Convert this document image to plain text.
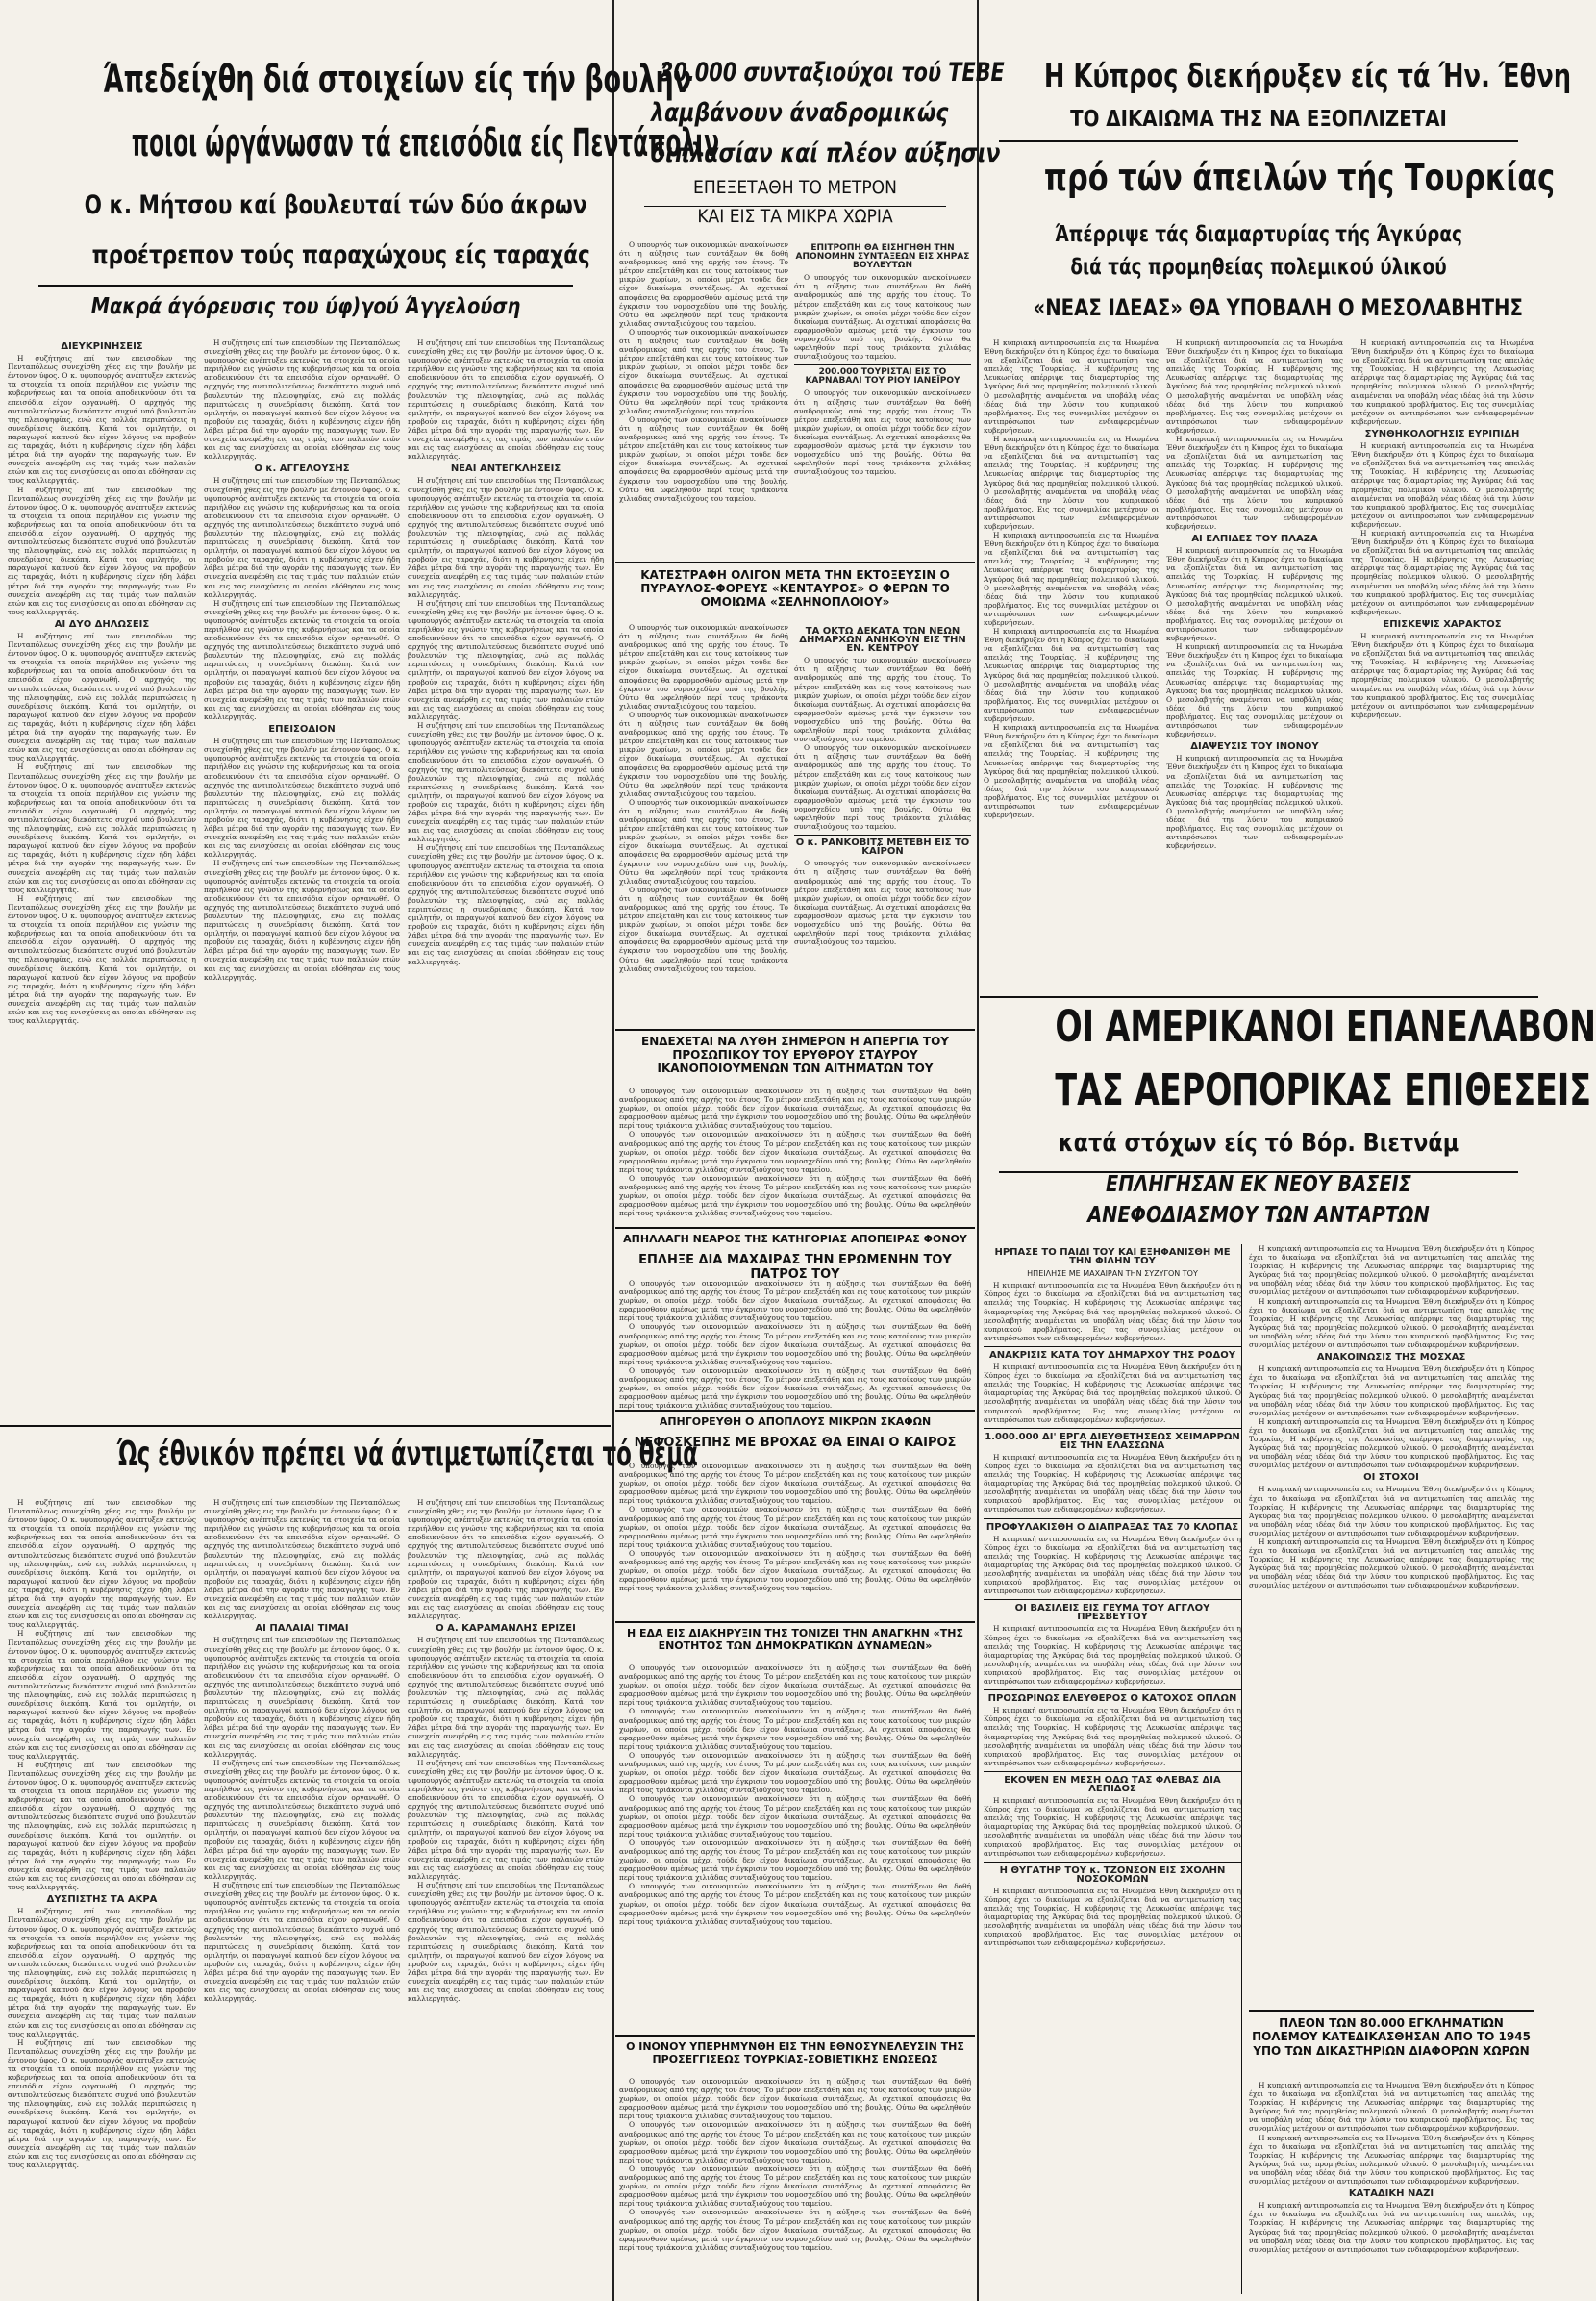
Άπεδείχθη διά στοιχείων είς τήν βουλήν
ποιοι ώργάνωσαν τά επεισόδια είς Πεντάπολιν
Ο κ. Μήτσου καί βουλευταί τών δύο άκρων
προέτρεπον τούς παραχώχους είς ταραχάς
Μακρά άγόρευσις του ύφ)γού Άγγελούση
ΔΙΕΥΚΡΙΝΗΣΕΙΣ

Η συζήτησις επί των επεισοδίων της Πενταπόλεως συνεχίσθη χθες εις την βουλήν με έντονον ύφος. Ο κ. υφυπουργός ανέπτυξεν εκτενώς τα στοιχεία τα οποία περιήλθον εις γνώσιν της κυβερνήσεως και τα οποία αποδεικνύουν ότι τα επεισόδια είχον οργανωθή. Ο αρχηγός της αντιπολιτεύσεως διεκόπτετο συχνά υπό βουλευτών της πλειοψηφίας, ενώ εις πολλάς περιπτώσεις η συνεδρίασις διεκόπη. Κατά τον ομιλητήν, οι παραγωγοί καπνού δεν είχον λόγους να προβούν εις ταραχάς, διότι η κυβέρνησις είχεν ήδη λάβει μέτρα διά την αγοράν της παραγωγής των. Εν συνεχεία ανεφέρθη εις τας τιμάς των παλαιών ετών και εις τας ενισχύσεις αι οποίαι εδόθησαν εις τους καλλιεργητάς.

Η συζήτησις επί των επεισοδίων της Πενταπόλεως συνεχίσθη χθες εις την βουλήν με έντονον ύφος. Ο κ. υφυπουργός ανέπτυξεν εκτενώς τα στοιχεία τα οποία περιήλθον εις γνώσιν της κυβερνήσεως και τα οποία αποδεικνύουν ότι τα επεισόδια είχον οργανωθή. Ο αρχηγός της αντιπολιτεύσεως διεκόπτετο συχνά υπό βουλευτών της πλειοψηφίας, ενώ εις πολλάς περιπτώσεις η συνεδρίασις διεκόπη. Κατά τον ομιλητήν, οι παραγωγοί καπνού δεν είχον λόγους να προβούν εις ταραχάς, διότι η κυβέρνησις είχεν ήδη λάβει μέτρα διά την αγοράν της παραγωγής των. Εν συνεχεία ανεφέρθη εις τας τιμάς των παλαιών ετών και εις τας ενισχύσεις αι οποίαι εδόθησαν εις τους καλλιεργητάς.

ΑΙ ΔΥΟ ΔΗΛΩΣΕΙΣ

Η συζήτησις επί των επεισοδίων της Πενταπόλεως συνεχίσθη χθες εις την βουλήν με έντονον ύφος. Ο κ. υφυπουργός ανέπτυξεν εκτενώς τα στοιχεία τα οποία περιήλθον εις γνώσιν της κυβερνήσεως και τα οποία αποδεικνύουν ότι τα επεισόδια είχον οργανωθή. Ο αρχηγός της αντιπολιτεύσεως διεκόπτετο συχνά υπό βουλευτών της πλειοψηφίας, ενώ εις πολλάς περιπτώσεις η συνεδρίασις διεκόπη. Κατά τον ομιλητήν, οι παραγωγοί καπνού δεν είχον λόγους να προβούν εις ταραχάς, διότι η κυβέρνησις είχεν ήδη λάβει μέτρα διά την αγοράν της παραγωγής των. Εν συνεχεία ανεφέρθη εις τας τιμάς των παλαιών ετών και εις τας ενισχύσεις αι οποίαι εδόθησαν εις τους καλλιεργητάς.

Η συζήτησις επί των επεισοδίων της Πενταπόλεως συνεχίσθη χθες εις την βουλήν με έντονον ύφος. Ο κ. υφυπουργός ανέπτυξεν εκτενώς τα στοιχεία τα οποία περιήλθον εις γνώσιν της κυβερνήσεως και τα οποία αποδεικνύουν ότι τα επεισόδια είχον οργανωθή. Ο αρχηγός της αντιπολιτεύσεως διεκόπτετο συχνά υπό βουλευτών της πλειοψηφίας, ενώ εις πολλάς περιπτώσεις η συνεδρίασις διεκόπη. Κατά τον ομιλητήν, οι παραγωγοί καπνού δεν είχον λόγους να προβούν εις ταραχάς, διότι η κυβέρνησις είχεν ήδη λάβει μέτρα διά την αγοράν της παραγωγής των. Εν συνεχεία ανεφέρθη εις τας τιμάς των παλαιών ετών και εις τας ενισχύσεις αι οποίαι εδόθησαν εις τους καλλιεργητάς.

Η συζήτησις επί των επεισοδίων της Πενταπόλεως συνεχίσθη χθες εις την βουλήν με έντονον ύφος. Ο κ. υφυπουργός ανέπτυξεν εκτενώς τα στοιχεία τα οποία περιήλθον εις γνώσιν της κυβερνήσεως και τα οποία αποδεικνύουν ότι τα επεισόδια είχον οργανωθή. Ο αρχηγός της αντιπολιτεύσεως διεκόπτετο συχνά υπό βουλευτών της πλειοψηφίας, ενώ εις πολλάς περιπτώσεις η συνεδρίασις διεκόπη. Κατά τον ομιλητήν, οι παραγωγοί καπνού δεν είχον λόγους να προβούν εις ταραχάς, διότι η κυβέρνησις είχεν ήδη λάβει μέτρα διά την αγοράν της παραγωγής των. Εν συνεχεία ανεφέρθη εις τας τιμάς των παλαιών ετών και εις τας ενισχύσεις αι οποίαι εδόθησαν εις τους καλλιεργητάς.

Η συζήτησις επί των επεισοδίων της Πενταπόλεως συνεχίσθη χθες εις την βουλήν με έντονον ύφος. Ο κ. υφυπουργός ανέπτυξεν εκτενώς τα στοιχεία τα οποία περιήλθον εις γνώσιν της κυβερνήσεως και τα οποία αποδεικνύουν ότι τα επεισόδια είχον οργανωθή. Ο αρχηγός της αντιπολιτεύσεως διεκόπτετο συχνά υπό βουλευτών της πλειοψηφίας, ενώ εις πολλάς περιπτώσεις η συνεδρίασις διεκόπη. Κατά τον ομιλητήν, οι παραγωγοί καπνού δεν είχον λόγους να προβούν εις ταραχάς, διότι η κυβέρνησις είχεν ήδη λάβει μέτρα διά την αγοράν της παραγωγής των. Εν συνεχεία ανεφέρθη εις τας τιμάς των παλαιών ετών και εις τας ενισχύσεις αι οποίαι εδόθησαν εις τους καλλιεργητάς.

Ο κ. ΑΓΓΕΛΟΥΣΗΣ

Η συζήτησις επί των επεισοδίων της Πενταπόλεως συνεχίσθη χθες εις την βουλήν με έντονον ύφος. Ο κ. υφυπουργός ανέπτυξεν εκτενώς τα στοιχεία τα οποία περιήλθον εις γνώσιν της κυβερνήσεως και τα οποία αποδεικνύουν ότι τα επεισόδια είχον οργανωθή. Ο αρχηγός της αντιπολιτεύσεως διεκόπτετο συχνά υπό βουλευτών της πλειοψηφίας, ενώ εις πολλάς περιπτώσεις η συνεδρίασις διεκόπη. Κατά τον ομιλητήν, οι παραγωγοί καπνού δεν είχον λόγους να προβούν εις ταραχάς, διότι η κυβέρνησις είχεν ήδη λάβει μέτρα διά την αγοράν της παραγωγής των. Εν συνεχεία ανεφέρθη εις τας τιμάς των παλαιών ετών και εις τας ενισχύσεις αι οποίαι εδόθησαν εις τους καλλιεργητάς.

Η συζήτησις επί των επεισοδίων της Πενταπόλεως συνεχίσθη χθες εις την βουλήν με έντονον ύφος. Ο κ. υφυπουργός ανέπτυξεν εκτενώς τα στοιχεία τα οποία περιήλθον εις γνώσιν της κυβερνήσεως και τα οποία αποδεικνύουν ότι τα επεισόδια είχον οργανωθή. Ο αρχηγός της αντιπολιτεύσεως διεκόπτετο συχνά υπό βουλευτών της πλειοψηφίας, ενώ εις πολλάς περιπτώσεις η συνεδρίασις διεκόπη. Κατά τον ομιλητήν, οι παραγωγοί καπνού δεν είχον λόγους να προβούν εις ταραχάς, διότι η κυβέρνησις είχεν ήδη λάβει μέτρα διά την αγοράν της παραγωγής των. Εν συνεχεία ανεφέρθη εις τας τιμάς των παλαιών ετών και εις τας ενισχύσεις αι οποίαι εδόθησαν εις τους καλλιεργητάς.

ΕΠΕΙΣΟΔΙΟΝ

Η συζήτησις επί των επεισοδίων της Πενταπόλεως συνεχίσθη χθες εις την βουλήν με έντονον ύφος. Ο κ. υφυπουργός ανέπτυξεν εκτενώς τα στοιχεία τα οποία περιήλθον εις γνώσιν της κυβερνήσεως και τα οποία αποδεικνύουν ότι τα επεισόδια είχον οργανωθή. Ο αρχηγός της αντιπολιτεύσεως διεκόπτετο συχνά υπό βουλευτών της πλειοψηφίας, ενώ εις πολλάς περιπτώσεις η συνεδρίασις διεκόπη. Κατά τον ομιλητήν, οι παραγωγοί καπνού δεν είχον λόγους να προβούν εις ταραχάς, διότι η κυβέρνησις είχεν ήδη λάβει μέτρα διά την αγοράν της παραγωγής των. Εν συνεχεία ανεφέρθη εις τας τιμάς των παλαιών ετών και εις τας ενισχύσεις αι οποίαι εδόθησαν εις τους καλλιεργητάς.

Η συζήτησις επί των επεισοδίων της Πενταπόλεως συνεχίσθη χθες εις την βουλήν με έντονον ύφος. Ο κ. υφυπουργός ανέπτυξεν εκτενώς τα στοιχεία τα οποία περιήλθον εις γνώσιν της κυβερνήσεως και τα οποία αποδεικνύουν ότι τα επεισόδια είχον οργανωθή. Ο αρχηγός της αντιπολιτεύσεως διεκόπτετο συχνά υπό βουλευτών της πλειοψηφίας, ενώ εις πολλάς περιπτώσεις η συνεδρίασις διεκόπη. Κατά τον ομιλητήν, οι παραγωγοί καπνού δεν είχον λόγους να προβούν εις ταραχάς, διότι η κυβέρνησις είχεν ήδη λάβει μέτρα διά την αγοράν της παραγωγής των. Εν συνεχεία ανεφέρθη εις τας τιμάς των παλαιών ετών και εις τας ενισχύσεις αι οποίαι εδόθησαν εις τους καλλιεργητάς.

Η συζήτησις επί των επεισοδίων της Πενταπόλεως συνεχίσθη χθες εις την βουλήν με έντονον ύφος. Ο κ. υφυπουργός ανέπτυξεν εκτενώς τα στοιχεία τα οποία περιήλθον εις γνώσιν της κυβερνήσεως και τα οποία αποδεικνύουν ότι τα επεισόδια είχον οργανωθή. Ο αρχηγός της αντιπολιτεύσεως διεκόπτετο συχνά υπό βουλευτών της πλειοψηφίας, ενώ εις πολλάς περιπτώσεις η συνεδρίασις διεκόπη. Κατά τον ομιλητήν, οι παραγωγοί καπνού δεν είχον λόγους να προβούν εις ταραχάς, διότι η κυβέρνησις είχεν ήδη λάβει μέτρα διά την αγοράν της παραγωγής των. Εν συνεχεία ανεφέρθη εις τας τιμάς των παλαιών ετών και εις τας ενισχύσεις αι οποίαι εδόθησαν εις τους καλλιεργητάς.

ΝΕΑΙ ΑΝΤΕΓΚΛΗΣΕΙΣ

Η συζήτησις επί των επεισοδίων της Πενταπόλεως συνεχίσθη χθες εις την βουλήν με έντονον ύφος. Ο κ. υφυπουργός ανέπτυξεν εκτενώς τα στοιχεία τα οποία περιήλθον εις γνώσιν της κυβερνήσεως και τα οποία αποδεικνύουν ότι τα επεισόδια είχον οργανωθή. Ο αρχηγός της αντιπολιτεύσεως διεκόπτετο συχνά υπό βουλευτών της πλειοψηφίας, ενώ εις πολλάς περιπτώσεις η συνεδρίασις διεκόπη. Κατά τον ομιλητήν, οι παραγωγοί καπνού δεν είχον λόγους να προβούν εις ταραχάς, διότι η κυβέρνησις είχεν ήδη λάβει μέτρα διά την αγοράν της παραγωγής των. Εν συνεχεία ανεφέρθη εις τας τιμάς των παλαιών ετών και εις τας ενισχύσεις αι οποίαι εδόθησαν εις τους καλλιεργητάς.

Η συζήτησις επί των επεισοδίων της Πενταπόλεως συνεχίσθη χθες εις την βουλήν με έντονον ύφος. Ο κ. υφυπουργός ανέπτυξεν εκτενώς τα στοιχεία τα οποία περιήλθον εις γνώσιν της κυβερνήσεως και τα οποία αποδεικνύουν ότι τα επεισόδια είχον οργανωθή. Ο αρχηγός της αντιπολιτεύσεως διεκόπτετο συχνά υπό βουλευτών της πλειοψηφίας, ενώ εις πολλάς περιπτώσεις η συνεδρίασις διεκόπη. Κατά τον ομιλητήν, οι παραγωγοί καπνού δεν είχον λόγους να προβούν εις ταραχάς, διότι η κυβέρνησις είχεν ήδη λάβει μέτρα διά την αγοράν της παραγωγής των. Εν συνεχεία ανεφέρθη εις τας τιμάς των παλαιών ετών και εις τας ενισχύσεις αι οποίαι εδόθησαν εις τους καλλιεργητάς.

Η συζήτησις επί των επεισοδίων της Πενταπόλεως συνεχίσθη χθες εις την βουλήν με έντονον ύφος. Ο κ. υφυπουργός ανέπτυξεν εκτενώς τα στοιχεία τα οποία περιήλθον εις γνώσιν της κυβερνήσεως και τα οποία αποδεικνύουν ότι τα επεισόδια είχον οργανωθή. Ο αρχηγός της αντιπολιτεύσεως διεκόπτετο συχνά υπό βουλευτών της πλειοψηφίας, ενώ εις πολλάς περιπτώσεις η συνεδρίασις διεκόπη. Κατά τον ομιλητήν, οι παραγωγοί καπνού δεν είχον λόγους να προβούν εις ταραχάς, διότι η κυβέρνησις είχεν ήδη λάβει μέτρα διά την αγοράν της παραγωγής των. Εν συνεχεία ανεφέρθη εις τας τιμάς των παλαιών ετών και εις τας ενισχύσεις αι οποίαι εδόθησαν εις τους καλλιεργητάς.

Η συζήτησις επί των επεισοδίων της Πενταπόλεως συνεχίσθη χθες εις την βουλήν με έντονον ύφος. Ο κ. υφυπουργός ανέπτυξεν εκτενώς τα στοιχεία τα οποία περιήλθον εις γνώσιν της κυβερνήσεως και τα οποία αποδεικνύουν ότι τα επεισόδια είχον οργανωθή. Ο αρχηγός της αντιπολιτεύσεως διεκόπτετο συχνά υπό βουλευτών της πλειοψηφίας, ενώ εις πολλάς περιπτώσεις η συνεδρίασις διεκόπη. Κατά τον ομιλητήν, οι παραγωγοί καπνού δεν είχον λόγους να προβούν εις ταραχάς, διότι η κυβέρνησις είχεν ήδη λάβει μέτρα διά την αγοράν της παραγωγής των. Εν συνεχεία ανεφέρθη εις τας τιμάς των παλαιών ετών και εις τας ενισχύσεις αι οποίαι εδόθησαν εις τους καλλιεργητάς.

Ώς έθνικόν πρέπει νά άντιμετωπίζεται τό θέμα

Η συζήτησις επί των επεισοδίων της Πενταπόλεως συνεχίσθη χθες εις την βουλήν με έντονον ύφος. Ο κ. υφυπουργός ανέπτυξεν εκτενώς τα στοιχεία τα οποία περιήλθον εις γνώσιν της κυβερνήσεως και τα οποία αποδεικνύουν ότι τα επεισόδια είχον οργανωθή. Ο αρχηγός της αντιπολιτεύσεως διεκόπτετο συχνά υπό βουλευτών της πλειοψηφίας, ενώ εις πολλάς περιπτώσεις η συνεδρίασις διεκόπη. Κατά τον ομιλητήν, οι παραγωγοί καπνού δεν είχον λόγους να προβούν εις ταραχάς, διότι η κυβέρνησις είχεν ήδη λάβει μέτρα διά την αγοράν της παραγωγής των. Εν συνεχεία ανεφέρθη εις τας τιμάς των παλαιών ετών και εις τας ενισχύσεις αι οποίαι εδόθησαν εις τους καλλιεργητάς.

Η συζήτησις επί των επεισοδίων της Πενταπόλεως συνεχίσθη χθες εις την βουλήν με έντονον ύφος. Ο κ. υφυπουργός ανέπτυξεν εκτενώς τα στοιχεία τα οποία περιήλθον εις γνώσιν της κυβερνήσεως και τα οποία αποδεικνύουν ότι τα επεισόδια είχον οργανωθή. Ο αρχηγός της αντιπολιτεύσεως διεκόπτετο συχνά υπό βουλευτών της πλειοψηφίας, ενώ εις πολλάς περιπτώσεις η συνεδρίασις διεκόπη. Κατά τον ομιλητήν, οι παραγωγοί καπνού δεν είχον λόγους να προβούν εις ταραχάς, διότι η κυβέρνησις είχεν ήδη λάβει μέτρα διά την αγοράν της παραγωγής των. Εν συνεχεία ανεφέρθη εις τας τιμάς των παλαιών ετών και εις τας ενισχύσεις αι οποίαι εδόθησαν εις τους καλλιεργητάς.

Η συζήτησις επί των επεισοδίων της Πενταπόλεως συνεχίσθη χθες εις την βουλήν με έντονον ύφος. Ο κ. υφυπουργός ανέπτυξεν εκτενώς τα στοιχεία τα οποία περιήλθον εις γνώσιν της κυβερνήσεως και τα οποία αποδεικνύουν ότι τα επεισόδια είχον οργανωθή. Ο αρχηγός της αντιπολιτεύσεως διεκόπτετο συχνά υπό βουλευτών της πλειοψηφίας, ενώ εις πολλάς περιπτώσεις η συνεδρίασις διεκόπη. Κατά τον ομιλητήν, οι παραγωγοί καπνού δεν είχον λόγους να προβούν εις ταραχάς, διότι η κυβέρνησις είχεν ήδη λάβει μέτρα διά την αγοράν της παραγωγής των. Εν συνεχεία ανεφέρθη εις τας τιμάς των παλαιών ετών και εις τας ενισχύσεις αι οποίαι εδόθησαν εις τους καλλιεργητάς.

ΔΥΣΠΙΣΤΗΣ ΤΑ ΑΚΡΑ

Η συζήτησις επί των επεισοδίων της Πενταπόλεως συνεχίσθη χθες εις την βουλήν με έντονον ύφος. Ο κ. υφυπουργός ανέπτυξεν εκτενώς τα στοιχεία τα οποία περιήλθον εις γνώσιν της κυβερνήσεως και τα οποία αποδεικνύουν ότι τα επεισόδια είχον οργανωθή. Ο αρχηγός της αντιπολιτεύσεως διεκόπτετο συχνά υπό βουλευτών της πλειοψηφίας, ενώ εις πολλάς περιπτώσεις η συνεδρίασις διεκόπη. Κατά τον ομιλητήν, οι παραγωγοί καπνού δεν είχον λόγους να προβούν εις ταραχάς, διότι η κυβέρνησις είχεν ήδη λάβει μέτρα διά την αγοράν της παραγωγής των. Εν συνεχεία ανεφέρθη εις τας τιμάς των παλαιών ετών και εις τας ενισχύσεις αι οποίαι εδόθησαν εις τους καλλιεργητάς.

Η συζήτησις επί των επεισοδίων της Πενταπόλεως συνεχίσθη χθες εις την βουλήν με έντονον ύφος. Ο κ. υφυπουργός ανέπτυξεν εκτενώς τα στοιχεία τα οποία περιήλθον εις γνώσιν της κυβερνήσεως και τα οποία αποδεικνύουν ότι τα επεισόδια είχον οργανωθή. Ο αρχηγός της αντιπολιτεύσεως διεκόπτετο συχνά υπό βουλευτών της πλειοψηφίας, ενώ εις πολλάς περιπτώσεις η συνεδρίασις διεκόπη. Κατά τον ομιλητήν, οι παραγωγοί καπνού δεν είχον λόγους να προβούν εις ταραχάς, διότι η κυβέρνησις είχεν ήδη λάβει μέτρα διά την αγοράν της παραγωγής των. Εν συνεχεία ανεφέρθη εις τας τιμάς των παλαιών ετών και εις τας ενισχύσεις αι οποίαι εδόθησαν εις τους καλλιεργητάς.

Η συζήτησις επί των επεισοδίων της Πενταπόλεως συνεχίσθη χθες εις την βουλήν με έντονον ύφος. Ο κ. υφυπουργός ανέπτυξεν εκτενώς τα στοιχεία τα οποία περιήλθον εις γνώσιν της κυβερνήσεως και τα οποία αποδεικνύουν ότι τα επεισόδια είχον οργανωθή. Ο αρχηγός της αντιπολιτεύσεως διεκόπτετο συχνά υπό βουλευτών της πλειοψηφίας, ενώ εις πολλάς περιπτώσεις η συνεδρίασις διεκόπη. Κατά τον ομιλητήν, οι παραγωγοί καπνού δεν είχον λόγους να προβούν εις ταραχάς, διότι η κυβέρνησις είχεν ήδη λάβει μέτρα διά την αγοράν της παραγωγής των. Εν συνεχεία ανεφέρθη εις τας τιμάς των παλαιών ετών και εις τας ενισχύσεις αι οποίαι εδόθησαν εις τους καλλιεργητάς.

ΑΙ ΠΑΛΑΙΑΙ ΤΙΜΑΙ

Η συζήτησις επί των επεισοδίων της Πενταπόλεως συνεχίσθη χθες εις την βουλήν με έντονον ύφος. Ο κ. υφυπουργός ανέπτυξεν εκτενώς τα στοιχεία τα οποία περιήλθον εις γνώσιν της κυβερνήσεως και τα οποία αποδεικνύουν ότι τα επεισόδια είχον οργανωθή. Ο αρχηγός της αντιπολιτεύσεως διεκόπτετο συχνά υπό βουλευτών της πλειοψηφίας, ενώ εις πολλάς περιπτώσεις η συνεδρίασις διεκόπη. Κατά τον ομιλητήν, οι παραγωγοί καπνού δεν είχον λόγους να προβούν εις ταραχάς, διότι η κυβέρνησις είχεν ήδη λάβει μέτρα διά την αγοράν της παραγωγής των. Εν συνεχεία ανεφέρθη εις τας τιμάς των παλαιών ετών και εις τας ενισχύσεις αι οποίαι εδόθησαν εις τους καλλιεργητάς.

Η συζήτησις επί των επεισοδίων της Πενταπόλεως συνεχίσθη χθες εις την βουλήν με έντονον ύφος. Ο κ. υφυπουργός ανέπτυξεν εκτενώς τα στοιχεία τα οποία περιήλθον εις γνώσιν της κυβερνήσεως και τα οποία αποδεικνύουν ότι τα επεισόδια είχον οργανωθή. Ο αρχηγός της αντιπολιτεύσεως διεκόπτετο συχνά υπό βουλευτών της πλειοψηφίας, ενώ εις πολλάς περιπτώσεις η συνεδρίασις διεκόπη. Κατά τον ομιλητήν, οι παραγωγοί καπνού δεν είχον λόγους να προβούν εις ταραχάς, διότι η κυβέρνησις είχεν ήδη λάβει μέτρα διά την αγοράν της παραγωγής των. Εν συνεχεία ανεφέρθη εις τας τιμάς των παλαιών ετών και εις τας ενισχύσεις αι οποίαι εδόθησαν εις τους καλλιεργητάς.

Η συζήτησις επί των επεισοδίων της Πενταπόλεως συνεχίσθη χθες εις την βουλήν με έντονον ύφος. Ο κ. υφυπουργός ανέπτυξεν εκτενώς τα στοιχεία τα οποία περιήλθον εις γνώσιν της κυβερνήσεως και τα οποία αποδεικνύουν ότι τα επεισόδια είχον οργανωθή. Ο αρχηγός της αντιπολιτεύσεως διεκόπτετο συχνά υπό βουλευτών της πλειοψηφίας, ενώ εις πολλάς περιπτώσεις η συνεδρίασις διεκόπη. Κατά τον ομιλητήν, οι παραγωγοί καπνού δεν είχον λόγους να προβούν εις ταραχάς, διότι η κυβέρνησις είχεν ήδη λάβει μέτρα διά την αγοράν της παραγωγής των. Εν συνεχεία ανεφέρθη εις τας τιμάς των παλαιών ετών και εις τας ενισχύσεις αι οποίαι εδόθησαν εις τους καλλιεργητάς.

Η συζήτησις επί των επεισοδίων της Πενταπόλεως συνεχίσθη χθες εις την βουλήν με έντονον ύφος. Ο κ. υφυπουργός ανέπτυξεν εκτενώς τα στοιχεία τα οποία περιήλθον εις γνώσιν της κυβερνήσεως και τα οποία αποδεικνύουν ότι τα επεισόδια είχον οργανωθή. Ο αρχηγός της αντιπολιτεύσεως διεκόπτετο συχνά υπό βουλευτών της πλειοψηφίας, ενώ εις πολλάς περιπτώσεις η συνεδρίασις διεκόπη. Κατά τον ομιλητήν, οι παραγωγοί καπνού δεν είχον λόγους να προβούν εις ταραχάς, διότι η κυβέρνησις είχεν ήδη λάβει μέτρα διά την αγοράν της παραγωγής των. Εν συνεχεία ανεφέρθη εις τας τιμάς των παλαιών ετών και εις τας ενισχύσεις αι οποίαι εδόθησαν εις τους καλλιεργητάς.

Ο Α. ΚΑΡΑΜΑΝΛΗΣ ΕΡΙΖΕΙ

Η συζήτησις επί των επεισοδίων της Πενταπόλεως συνεχίσθη χθες εις την βουλήν με έντονον ύφος. Ο κ. υφυπουργός ανέπτυξεν εκτενώς τα στοιχεία τα οποία περιήλθον εις γνώσιν της κυβερνήσεως και τα οποία αποδεικνύουν ότι τα επεισόδια είχον οργανωθή. Ο αρχηγός της αντιπολιτεύσεως διεκόπτετο συχνά υπό βουλευτών της πλειοψηφίας, ενώ εις πολλάς περιπτώσεις η συνεδρίασις διεκόπη. Κατά τον ομιλητήν, οι παραγωγοί καπνού δεν είχον λόγους να προβούν εις ταραχάς, διότι η κυβέρνησις είχεν ήδη λάβει μέτρα διά την αγοράν της παραγωγής των. Εν συνεχεία ανεφέρθη εις τας τιμάς των παλαιών ετών και εις τας ενισχύσεις αι οποίαι εδόθησαν εις τους καλλιεργητάς.

Η συζήτησις επί των επεισοδίων της Πενταπόλεως συνεχίσθη χθες εις την βουλήν με έντονον ύφος. Ο κ. υφυπουργός ανέπτυξεν εκτενώς τα στοιχεία τα οποία περιήλθον εις γνώσιν της κυβερνήσεως και τα οποία αποδεικνύουν ότι τα επεισόδια είχον οργανωθή. Ο αρχηγός της αντιπολιτεύσεως διεκόπτετο συχνά υπό βουλευτών της πλειοψηφίας, ενώ εις πολλάς περιπτώσεις η συνεδρίασις διεκόπη. Κατά τον ομιλητήν, οι παραγωγοί καπνού δεν είχον λόγους να προβούν εις ταραχάς, διότι η κυβέρνησις είχεν ήδη λάβει μέτρα διά την αγοράν της παραγωγής των. Εν συνεχεία ανεφέρθη εις τας τιμάς των παλαιών ετών και εις τας ενισχύσεις αι οποίαι εδόθησαν εις τους καλλιεργητάς.

Η συζήτησις επί των επεισοδίων της Πενταπόλεως συνεχίσθη χθες εις την βουλήν με έντονον ύφος. Ο κ. υφυπουργός ανέπτυξεν εκτενώς τα στοιχεία τα οποία περιήλθον εις γνώσιν της κυβερνήσεως και τα οποία αποδεικνύουν ότι τα επεισόδια είχον οργανωθή. Ο αρχηγός της αντιπολιτεύσεως διεκόπτετο συχνά υπό βουλευτών της πλειοψηφίας, ενώ εις πολλάς περιπτώσεις η συνεδρίασις διεκόπη. Κατά τον ομιλητήν, οι παραγωγοί καπνού δεν είχον λόγους να προβούν εις ταραχάς, διότι η κυβέρνησις είχεν ήδη λάβει μέτρα διά την αγοράν της παραγωγής των. Εν συνεχεία ανεφέρθη εις τας τιμάς των παλαιών ετών και εις τας ενισχύσεις αι οποίαι εδόθησαν εις τους καλλιεργητάς.

30.000 συνταξιούχοι τού ΤΕΒΕ
λαμβάνουν άναδρομικώς
διπλασίαν καί πλέον αύξησιν
ΕΠΕΞΕΤΑΘΗ ΤΟ ΜΕΤΡΟΝ
ΚΑΙ ΕΙΣ ΤΑ ΜΙΚΡΑ ΧΩΡΙΑ

Ο υπουργός των οικονομικών ανακοίνωσεν ότι η αύξησις των συντάξεων θα δοθή αναδρομικώς από της αρχής του έτους. Το μέτρον επεξετάθη και εις τους κατοίκους των μικρών χωρίων, οι οποίοι μέχρι τούδε δεν είχον δικαίωμα συντάξεως. Αι σχετικαί αποφάσεις θα εφαρμοσθούν αμέσως μετά την έγκρισιν του νομοσχεδίου υπό της βουλής. Ούτω θα ωφεληθούν περί τους τριάκοντα χιλιάδας συνταξιούχους του ταμείου.

Ο υπουργός των οικονομικών ανακοίνωσεν ότι η αύξησις των συντάξεων θα δοθή αναδρομικώς από της αρχής του έτους. Το μέτρον επεξετάθη και εις τους κατοίκους των μικρών χωρίων, οι οποίοι μέχρι τούδε δεν είχον δικαίωμα συντάξεως. Αι σχετικαί αποφάσεις θα εφαρμοσθούν αμέσως μετά την έγκρισιν του νομοσχεδίου υπό της βουλής. Ούτω θα ωφεληθούν περί τους τριάκοντα χιλιάδας συνταξιούχους του ταμείου.

Ο υπουργός των οικονομικών ανακοίνωσεν ότι η αύξησις των συντάξεων θα δοθή αναδρομικώς από της αρχής του έτους. Το μέτρον επεξετάθη και εις τους κατοίκους των μικρών χωρίων, οι οποίοι μέχρι τούδε δεν είχον δικαίωμα συντάξεως. Αι σχετικαί αποφάσεις θα εφαρμοσθούν αμέσως μετά την έγκρισιν του νομοσχεδίου υπό της βουλής. Ούτω θα ωφεληθούν περί τους τριάκοντα χιλιάδας συνταξιούχους του ταμείου.

ΕΠΙΤΡΟΠΗ ΘΑ ΕΙΣΗΓΗΘΗ ΤΗΝ ΑΠΟΝΟΜΗΝ ΣΥΝΤΑΞΕΩΝ ΕΙΣ ΧΗΡΑΣ ΒΟΥΛΕΥΤΩΝ

Ο υπουργός των οικονομικών ανακοίνωσεν ότι η αύξησις των συντάξεων θα δοθή αναδρομικώς από της αρχής του έτους. Το μέτρον επεξετάθη και εις τους κατοίκους των μικρών χωρίων, οι οποίοι μέχρι τούδε δεν είχον δικαίωμα συντάξεως. Αι σχετικαί αποφάσεις θα εφαρμοσθούν αμέσως μετά την έγκρισιν του νομοσχεδίου υπό της βουλής. Ούτω θα ωφεληθούν περί τους τριάκοντα χιλιάδας συνταξιούχους του ταμείου.

200.000 ΤΟΥΡΙΣΤΑΙ ΕΙΣ ΤΟ ΚΑΡΝΑΒΑΛΙ ΤΟΥ ΡΙΟΥ ΙΑΝΕΪΡΟΥ

Ο υπουργός των οικονομικών ανακοίνωσεν ότι η αύξησις των συντάξεων θα δοθή αναδρομικώς από της αρχής του έτους. Το μέτρον επεξετάθη και εις τους κατοίκους των μικρών χωρίων, οι οποίοι μέχρι τούδε δεν είχον δικαίωμα συντάξεως. Αι σχετικαί αποφάσεις θα εφαρμοσθούν αμέσως μετά την έγκρισιν του νομοσχεδίου υπό της βουλής. Ούτω θα ωφεληθούν περί τους τριάκοντα χιλιάδας συνταξιούχους του ταμείου.

ΚΑΤΕΣΤΡΑΦΗ ΟΛΙΓΟΝ ΜΕΤΑ ΤΗΝ ΕΚΤΟΞΕΥΣΙΝ Ο ΠΥΡΑΥΛΟΣ-ΦΟΡΕΥΣ «ΚΕΝΤΑΥΡΟΣ» Ο ΦΕΡΩΝ ΤΟ ΟΜΟΙΩΜΑ «ΣΕΛΗΝΟΠΛΟΙΟΥ»

Ο υπουργός των οικονομικών ανακοίνωσεν ότι η αύξησις των συντάξεων θα δοθή αναδρομικώς από της αρχής του έτους. Το μέτρον επεξετάθη και εις τους κατοίκους των μικρών χωρίων, οι οποίοι μέχρι τούδε δεν είχον δικαίωμα συντάξεως. Αι σχετικαί αποφάσεις θα εφαρμοσθούν αμέσως μετά την έγκρισιν του νομοσχεδίου υπό της βουλής. Ούτω θα ωφεληθούν περί τους τριάκοντα χιλιάδας συνταξιούχους του ταμείου.

Ο υπουργός των οικονομικών ανακοίνωσεν ότι η αύξησις των συντάξεων θα δοθή αναδρομικώς από της αρχής του έτους. Το μέτρον επεξετάθη και εις τους κατοίκους των μικρών χωρίων, οι οποίοι μέχρι τούδε δεν είχον δικαίωμα συντάξεως. Αι σχετικαί αποφάσεις θα εφαρμοσθούν αμέσως μετά την έγκρισιν του νομοσχεδίου υπό της βουλής. Ούτω θα ωφεληθούν περί τους τριάκοντα χιλιάδας συνταξιούχους του ταμείου.

Ο υπουργός των οικονομικών ανακοίνωσεν ότι η αύξησις των συντάξεων θα δοθή αναδρομικώς από της αρχής του έτους. Το μέτρον επεξετάθη και εις τους κατοίκους των μικρών χωρίων, οι οποίοι μέχρι τούδε δεν είχον δικαίωμα συντάξεως. Αι σχετικαί αποφάσεις θα εφαρμοσθούν αμέσως μετά την έγκρισιν του νομοσχεδίου υπό της βουλής. Ούτω θα ωφεληθούν περί τους τριάκοντα χιλιάδας συνταξιούχους του ταμείου.

Ο υπουργός των οικονομικών ανακοίνωσεν ότι η αύξησις των συντάξεων θα δοθή αναδρομικώς από της αρχής του έτους. Το μέτρον επεξετάθη και εις τους κατοίκους των μικρών χωρίων, οι οποίοι μέχρι τούδε δεν είχον δικαίωμα συντάξεως. Αι σχετικαί αποφάσεις θα εφαρμοσθούν αμέσως μετά την έγκρισιν του νομοσχεδίου υπό της βουλής. Ούτω θα ωφεληθούν περί τους τριάκοντα χιλιάδας συνταξιούχους του ταμείου.

ΤΑ ΟΚΤΩ ΔΕΚΑΤΑ ΤΩΝ ΝΕΩΝ ΔΗΜΑΡΧΩΝ ΑΝΗΚΟΥΝ ΕΙΣ ΤΗΝ ΕΝ. ΚΕΝΤΡΟΥ

Ο υπουργός των οικονομικών ανακοίνωσεν ότι η αύξησις των συντάξεων θα δοθή αναδρομικώς από της αρχής του έτους. Το μέτρον επεξετάθη και εις τους κατοίκους των μικρών χωρίων, οι οποίοι μέχρι τούδε δεν είχον δικαίωμα συντάξεως. Αι σχετικαί αποφάσεις θα εφαρμοσθούν αμέσως μετά την έγκρισιν του νομοσχεδίου υπό της βουλής. Ούτω θα ωφεληθούν περί τους τριάκοντα χιλιάδας συνταξιούχους του ταμείου.

Ο υπουργός των οικονομικών ανακοίνωσεν ότι η αύξησις των συντάξεων θα δοθή αναδρομικώς από της αρχής του έτους. Το μέτρον επεξετάθη και εις τους κατοίκους των μικρών χωρίων, οι οποίοι μέχρι τούδε δεν είχον δικαίωμα συντάξεως. Αι σχετικαί αποφάσεις θα εφαρμοσθούν αμέσως μετά την έγκρισιν του νομοσχεδίου υπό της βουλής. Ούτω θα ωφεληθούν περί τους τριάκοντα χιλιάδας συνταξιούχους του ταμείου.

Ο κ. ΡΑΝΚΟΒΙΤΣ ΜΕΤΕΒΗ ΕΙΣ ΤΟ ΚΑΪΡΟΝ

Ο υπουργός των οικονομικών ανακοίνωσεν ότι η αύξησις των συντάξεων θα δοθή αναδρομικώς από της αρχής του έτους. Το μέτρον επεξετάθη και εις τους κατοίκους των μικρών χωρίων, οι οποίοι μέχρι τούδε δεν είχον δικαίωμα συντάξεως. Αι σχετικαί αποφάσεις θα εφαρμοσθούν αμέσως μετά την έγκρισιν του νομοσχεδίου υπό της βουλής. Ούτω θα ωφεληθούν περί τους τριάκοντα χιλιάδας συνταξιούχους του ταμείου.

ΕΝΔΕΧΕΤΑΙ ΝΑ ΛΥΘΗ ΣΗΜΕΡΟΝ Η ΑΠΕΡΓΙΑ ΤΟΥ ΠΡΟΣΩΠΙΚΟΥ ΤΟΥ ΕΡΥΘΡΟΥ ΣΤΑΥΡΟΥ ΙΚΑΝΟΠΟΙΟΥΜΕΝΩΝ ΤΩΝ ΑΙΤΗΜΑΤΩΝ ΤΟΥ

Ο υπουργός των οικονομικών ανακοίνωσεν ότι η αύξησις των συντάξεων θα δοθή αναδρομικώς από της αρχής του έτους. Το μέτρον επεξετάθη και εις τους κατοίκους των μικρών χωρίων, οι οποίοι μέχρι τούδε δεν είχον δικαίωμα συντάξεως. Αι σχετικαί αποφάσεις θα εφαρμοσθούν αμέσως μετά την έγκρισιν του νομοσχεδίου υπό της βουλής. Ούτω θα ωφεληθούν περί τους τριάκοντα χιλιάδας συνταξιούχους του ταμείου.

Ο υπουργός των οικονομικών ανακοίνωσεν ότι η αύξησις των συντάξεων θα δοθή αναδρομικώς από της αρχής του έτους. Το μέτρον επεξετάθη και εις τους κατοίκους των μικρών χωρίων, οι οποίοι μέχρι τούδε δεν είχον δικαίωμα συντάξεως. Αι σχετικαί αποφάσεις θα εφαρμοσθούν αμέσως μετά την έγκρισιν του νομοσχεδίου υπό της βουλής. Ούτω θα ωφεληθούν περί τους τριάκοντα χιλιάδας συνταξιούχους του ταμείου.

Ο υπουργός των οικονομικών ανακοίνωσεν ότι η αύξησις των συντάξεων θα δοθή αναδρομικώς από της αρχής του έτους. Το μέτρον επεξετάθη και εις τους κατοίκους των μικρών χωρίων, οι οποίοι μέχρι τούδε δεν είχον δικαίωμα συντάξεως. Αι σχετικαί αποφάσεις θα εφαρμοσθούν αμέσως μετά την έγκρισιν του νομοσχεδίου υπό της βουλής. Ούτω θα ωφεληθούν περί τους τριάκοντα χιλιάδας συνταξιούχους του ταμείου.

ΑΠΗΛΛΑΓΗ ΝΕΑΡΟΣ ΤΗΣ ΚΑΤΗΓΟΡΙΑΣ ΑΠΟΠΕΙΡΑΣ ΦΟΝΟΥ
ΕΠΛΗΞΕ ΔΙΑ ΜΑΧΑΙΡΑΣ ΤΗΝ ΕΡΩΜΕΝΗΝ ΤΟΥ ΠΑΤΡΟΣ ΤΟΥ

Ο υπουργός των οικονομικών ανακοίνωσεν ότι η αύξησις των συντάξεων θα δοθή αναδρομικώς από της αρχής του έτους. Το μέτρον επεξετάθη και εις τους κατοίκους των μικρών χωρίων, οι οποίοι μέχρι τούδε δεν είχον δικαίωμα συντάξεως. Αι σχετικαί αποφάσεις θα εφαρμοσθούν αμέσως μετά την έγκρισιν του νομοσχεδίου υπό της βουλής. Ούτω θα ωφεληθούν περί τους τριάκοντα χιλιάδας συνταξιούχους του ταμείου.

Ο υπουργός των οικονομικών ανακοίνωσεν ότι η αύξησις των συντάξεων θα δοθή αναδρομικώς από της αρχής του έτους. Το μέτρον επεξετάθη και εις τους κατοίκους των μικρών χωρίων, οι οποίοι μέχρι τούδε δεν είχον δικαίωμα συντάξεως. Αι σχετικαί αποφάσεις θα εφαρμοσθούν αμέσως μετά την έγκρισιν του νομοσχεδίου υπό της βουλής. Ούτω θα ωφεληθούν περί τους τριάκοντα χιλιάδας συνταξιούχους του ταμείου.

Ο υπουργός των οικονομικών ανακοίνωσεν ότι η αύξησις των συντάξεων θα δοθή αναδρομικώς από της αρχής του έτους. Το μέτρον επεξετάθη και εις τους κατοίκους των μικρών χωρίων, οι οποίοι μέχρι τούδε δεν είχον δικαίωμα συντάξεως. Αι σχετικαί αποφάσεις θα εφαρμοσθούν αμέσως μετά την έγκρισιν του νομοσχεδίου υπό της βουλής. Ούτω θα ωφεληθούν περί τους τριάκοντα χιλιάδας συνταξιούχους του ταμείου.

ΑΠΗΓΟΡΕΥΘΗ Ο ΑΠΟΠΛΟΥΣ ΜΙΚΡΩΝ ΣΚΑΦΩΝ
ΝΕΦΟΣΚΕΠΗΣ ΜΕ ΒΡΟΧΑΣ ΘΑ ΕΙΝΑΙ Ο ΚΑΙΡΟΣ

Ο υπουργός των οικονομικών ανακοίνωσεν ότι η αύξησις των συντάξεων θα δοθή αναδρομικώς από της αρχής του έτους. Το μέτρον επεξετάθη και εις τους κατοίκους των μικρών χωρίων, οι οποίοι μέχρι τούδε δεν είχον δικαίωμα συντάξεως. Αι σχετικαί αποφάσεις θα εφαρμοσθούν αμέσως μετά την έγκρισιν του νομοσχεδίου υπό της βουλής. Ούτω θα ωφεληθούν περί τους τριάκοντα χιλιάδας συνταξιούχους του ταμείου.

Ο υπουργός των οικονομικών ανακοίνωσεν ότι η αύξησις των συντάξεων θα δοθή αναδρομικώς από της αρχής του έτους. Το μέτρον επεξετάθη και εις τους κατοίκους των μικρών χωρίων, οι οποίοι μέχρι τούδε δεν είχον δικαίωμα συντάξεως. Αι σχετικαί αποφάσεις θα εφαρμοσθούν αμέσως μετά την έγκρισιν του νομοσχεδίου υπό της βουλής. Ούτω θα ωφεληθούν περί τους τριάκοντα χιλιάδας συνταξιούχους του ταμείου.

Ο υπουργός των οικονομικών ανακοίνωσεν ότι η αύξησις των συντάξεων θα δοθή αναδρομικώς από της αρχής του έτους. Το μέτρον επεξετάθη και εις τους κατοίκους των μικρών χωρίων, οι οποίοι μέχρι τούδε δεν είχον δικαίωμα συντάξεως. Αι σχετικαί αποφάσεις θα εφαρμοσθούν αμέσως μετά την έγκρισιν του νομοσχεδίου υπό της βουλής. Ούτω θα ωφεληθούν περί τους τριάκοντα χιλιάδας συνταξιούχους του ταμείου.

Η ΕΔΑ ΕΙΣ ΔΙΑΚΗΡΥΞΙΝ ΤΗΣ ΤΟΝΙΖΕΙ ΤΗΝ ΑΝΑΓΚΗΝ «ΤΗΣ ΕΝΟΤΗΤΟΣ ΤΩΝ ΔΗΜΟΚΡΑΤΙΚΩΝ ΔΥΝΑΜΕΩΝ»

Ο υπουργός των οικονομικών ανακοίνωσεν ότι η αύξησις των συντάξεων θα δοθή αναδρομικώς από της αρχής του έτους. Το μέτρον επεξετάθη και εις τους κατοίκους των μικρών χωρίων, οι οποίοι μέχρι τούδε δεν είχον δικαίωμα συντάξεως. Αι σχετικαί αποφάσεις θα εφαρμοσθούν αμέσως μετά την έγκρισιν του νομοσχεδίου υπό της βουλής. Ούτω θα ωφεληθούν περί τους τριάκοντα χιλιάδας συνταξιούχους του ταμείου.

Ο υπουργός των οικονομικών ανακοίνωσεν ότι η αύξησις των συντάξεων θα δοθή αναδρομικώς από της αρχής του έτους. Το μέτρον επεξετάθη και εις τους κατοίκους των μικρών χωρίων, οι οποίοι μέχρι τούδε δεν είχον δικαίωμα συντάξεως. Αι σχετικαί αποφάσεις θα εφαρμοσθούν αμέσως μετά την έγκρισιν του νομοσχεδίου υπό της βουλής. Ούτω θα ωφεληθούν περί τους τριάκοντα χιλιάδας συνταξιούχους του ταμείου.

Ο υπουργός των οικονομικών ανακοίνωσεν ότι η αύξησις των συντάξεων θα δοθή αναδρομικώς από της αρχής του έτους. Το μέτρον επεξετάθη και εις τους κατοίκους των μικρών χωρίων, οι οποίοι μέχρι τούδε δεν είχον δικαίωμα συντάξεως. Αι σχετικαί αποφάσεις θα εφαρμοσθούν αμέσως μετά την έγκρισιν του νομοσχεδίου υπό της βουλής. Ούτω θα ωφεληθούν περί τους τριάκοντα χιλιάδας συνταξιούχους του ταμείου.

Ο υπουργός των οικονομικών ανακοίνωσεν ότι η αύξησις των συντάξεων θα δοθή αναδρομικώς από της αρχής του έτους. Το μέτρον επεξετάθη και εις τους κατοίκους των μικρών χωρίων, οι οποίοι μέχρι τούδε δεν είχον δικαίωμα συντάξεως. Αι σχετικαί αποφάσεις θα εφαρμοσθούν αμέσως μετά την έγκρισιν του νομοσχεδίου υπό της βουλής. Ούτω θα ωφεληθούν περί τους τριάκοντα χιλιάδας συνταξιούχους του ταμείου.

Ο υπουργός των οικονομικών ανακοίνωσεν ότι η αύξησις των συντάξεων θα δοθή αναδρομικώς από της αρχής του έτους. Το μέτρον επεξετάθη και εις τους κατοίκους των μικρών χωρίων, οι οποίοι μέχρι τούδε δεν είχον δικαίωμα συντάξεως. Αι σχετικαί αποφάσεις θα εφαρμοσθούν αμέσως μετά την έγκρισιν του νομοσχεδίου υπό της βουλής. Ούτω θα ωφεληθούν περί τους τριάκοντα χιλιάδας συνταξιούχους του ταμείου.

Ο υπουργός των οικονομικών ανακοίνωσεν ότι η αύξησις των συντάξεων θα δοθή αναδρομικώς από της αρχής του έτους. Το μέτρον επεξετάθη και εις τους κατοίκους των μικρών χωρίων, οι οποίοι μέχρι τούδε δεν είχον δικαίωμα συντάξεως. Αι σχετικαί αποφάσεις θα εφαρμοσθούν αμέσως μετά την έγκρισιν του νομοσχεδίου υπό της βουλής. Ούτω θα ωφεληθούν περί τους τριάκοντα χιλιάδας συνταξιούχους του ταμείου.

Ο ΙΝΟΝΟΥ ΥΠΕΡΗΜΥΝΘΗ ΕΙΣ ΤΗΝ ΕΘΝΟΣΥΝΕΛΕΥΣΙΝ ΤΗΣ ΠΡΟΣΕΓΓΙΣΕΩΣ ΤΟΥΡΚΙΑΣ-ΣΟΒΙΕΤΙΚΗΣ ΕΝΩΣΕΩΣ

Ο υπουργός των οικονομικών ανακοίνωσεν ότι η αύξησις των συντάξεων θα δοθή αναδρομικώς από της αρχής του έτους. Το μέτρον επεξετάθη και εις τους κατοίκους των μικρών χωρίων, οι οποίοι μέχρι τούδε δεν είχον δικαίωμα συντάξεως. Αι σχετικαί αποφάσεις θα εφαρμοσθούν αμέσως μετά την έγκρισιν του νομοσχεδίου υπό της βουλής. Ούτω θα ωφεληθούν περί τους τριάκοντα χιλιάδας συνταξιούχους του ταμείου.

Ο υπουργός των οικονομικών ανακοίνωσεν ότι η αύξησις των συντάξεων θα δοθή αναδρομικώς από της αρχής του έτους. Το μέτρον επεξετάθη και εις τους κατοίκους των μικρών χωρίων, οι οποίοι μέχρι τούδε δεν είχον δικαίωμα συντάξεως. Αι σχετικαί αποφάσεις θα εφαρμοσθούν αμέσως μετά την έγκρισιν του νομοσχεδίου υπό της βουλής. Ούτω θα ωφεληθούν περί τους τριάκοντα χιλιάδας συνταξιούχους του ταμείου.

Ο υπουργός των οικονομικών ανακοίνωσεν ότι η αύξησις των συντάξεων θα δοθή αναδρομικώς από της αρχής του έτους. Το μέτρον επεξετάθη και εις τους κατοίκους των μικρών χωρίων, οι οποίοι μέχρι τούδε δεν είχον δικαίωμα συντάξεως. Αι σχετικαί αποφάσεις θα εφαρμοσθούν αμέσως μετά την έγκρισιν του νομοσχεδίου υπό της βουλής. Ούτω θα ωφεληθούν περί τους τριάκοντα χιλιάδας συνταξιούχους του ταμείου.

Ο υπουργός των οικονομικών ανακοίνωσεν ότι η αύξησις των συντάξεων θα δοθή αναδρομικώς από της αρχής του έτους. Το μέτρον επεξετάθη και εις τους κατοίκους των μικρών χωρίων, οι οποίοι μέχρι τούδε δεν είχον δικαίωμα συντάξεως. Αι σχετικαί αποφάσεις θα εφαρμοσθούν αμέσως μετά την έγκρισιν του νομοσχεδίου υπό της βουλής. Ούτω θα ωφεληθούν περί τους τριάκοντα χιλιάδας συνταξιούχους του ταμείου.

Η Κύπρος διεκήρυξεν είς τά Ήν. Έθνη
ΤΟ ΔΙΚΑΙΩΜΑ ΤΗΣ ΝΑ ΕΞΟΠΛΙΖΕΤΑΙ
πρό τών άπειλών τής Τουρκίας
Άπέρριψε τάς διαμαρτυρίας τής Άγκύρας
διά τάς προμηθείας πολεμικού ύλικού
«ΝΕΑΣ ΙΔΕΑΣ» ΘΑ ΥΠΟΒΑΛΗ Ο ΜΕΣΟΛΑΒΗΤΗΣ

Η κυπριακή αντιπροσωπεία εις τα Ηνωμένα Έθνη διεκήρυξεν ότι η Κύπρος έχει το δικαίωμα να εξοπλίζεται διά να αντιμετωπίση τας απειλάς της Τουρκίας. Η κυβέρνησις της Λευκωσίας απέρριψε τας διαμαρτυρίας της Άγκύρας διά τας προμηθείας πολεμικού υλικού. Ο μεσολαβητής αναμένεται να υποβάλη νέας ιδέας διά την λύσιν του κυπριακού προβλήματος. Εις τας συνομιλίας μετέχουν οι αντιπρόσωποι των ενδιαφερομένων κυβερνήσεων.

Η κυπριακή αντιπροσωπεία εις τα Ηνωμένα Έθνη διεκήρυξεν ότι η Κύπρος έχει το δικαίωμα να εξοπλίζεται διά να αντιμετωπίση τας απειλάς της Τουρκίας. Η κυβέρνησις της Λευκωσίας απέρριψε τας διαμαρτυρίας της Άγκύρας διά τας προμηθείας πολεμικού υλικού. Ο μεσολαβητής αναμένεται να υποβάλη νέας ιδέας διά την λύσιν του κυπριακού προβλήματος. Εις τας συνομιλίας μετέχουν οι αντιπρόσωποι των ενδιαφερομένων κυβερνήσεων.

Η κυπριακή αντιπροσωπεία εις τα Ηνωμένα Έθνη διεκήρυξεν ότι η Κύπρος έχει το δικαίωμα να εξοπλίζεται διά να αντιμετωπίση τας απειλάς της Τουρκίας. Η κυβέρνησις της Λευκωσίας απέρριψε τας διαμαρτυρίας της Άγκύρας διά τας προμηθείας πολεμικού υλικού. Ο μεσολαβητής αναμένεται να υποβάλη νέας ιδέας διά την λύσιν του κυπριακού προβλήματος. Εις τας συνομιλίας μετέχουν οι αντιπρόσωποι των ενδιαφερομένων κυβερνήσεων.

Η κυπριακή αντιπροσωπεία εις τα Ηνωμένα Έθνη διεκήρυξεν ότι η Κύπρος έχει το δικαίωμα να εξοπλίζεται διά να αντιμετωπίση τας απειλάς της Τουρκίας. Η κυβέρνησις της Λευκωσίας απέρριψε τας διαμαρτυρίας της Άγκύρας διά τας προμηθείας πολεμικού υλικού. Ο μεσολαβητής αναμένεται να υποβάλη νέας ιδέας διά την λύσιν του κυπριακού προβλήματος. Εις τας συνομιλίας μετέχουν οι αντιπρόσωποι των ενδιαφερομένων κυβερνήσεων.

Η κυπριακή αντιπροσωπεία εις τα Ηνωμένα Έθνη διεκήρυξεν ότι η Κύπρος έχει το δικαίωμα να εξοπλίζεται διά να αντιμετωπίση τας απειλάς της Τουρκίας. Η κυβέρνησις της Λευκωσίας απέρριψε τας διαμαρτυρίας της Άγκύρας διά τας προμηθείας πολεμικού υλικού. Ο μεσολαβητής αναμένεται να υποβάλη νέας ιδέας διά την λύσιν του κυπριακού προβλήματος. Εις τας συνομιλίας μετέχουν οι αντιπρόσωποι των ενδιαφερομένων κυβερνήσεων.

Η κυπριακή αντιπροσωπεία εις τα Ηνωμένα Έθνη διεκήρυξεν ότι η Κύπρος έχει το δικαίωμα να εξοπλίζεται διά να αντιμετωπίση τας απειλάς της Τουρκίας. Η κυβέρνησις της Λευκωσίας απέρριψε τας διαμαρτυρίας της Άγκύρας διά τας προμηθείας πολεμικού υλικού. Ο μεσολαβητής αναμένεται να υποβάλη νέας ιδέας διά την λύσιν του κυπριακού προβλήματος. Εις τας συνομιλίας μετέχουν οι αντιπρόσωποι των ενδιαφερομένων κυβερνήσεων.

Η κυπριακή αντιπροσωπεία εις τα Ηνωμένα Έθνη διεκήρυξεν ότι η Κύπρος έχει το δικαίωμα να εξοπλίζεται διά να αντιμετωπίση τας απειλάς της Τουρκίας. Η κυβέρνησις της Λευκωσίας απέρριψε τας διαμαρτυρίας της Άγκύρας διά τας προμηθείας πολεμικού υλικού. Ο μεσολαβητής αναμένεται να υποβάλη νέας ιδέας διά την λύσιν του κυπριακού προβλήματος. Εις τας συνομιλίας μετέχουν οι αντιπρόσωποι των ενδιαφερομένων κυβερνήσεων.

ΑΙ ΕΛΠΙΔΕΣ ΤΟΥ ΠΛΑΖΑ

Η κυπριακή αντιπροσωπεία εις τα Ηνωμένα Έθνη διεκήρυξεν ότι η Κύπρος έχει το δικαίωμα να εξοπλίζεται διά να αντιμετωπίση τας απειλάς της Τουρκίας. Η κυβέρνησις της Λευκωσίας απέρριψε τας διαμαρτυρίας της Άγκύρας διά τας προμηθείας πολεμικού υλικού. Ο μεσολαβητής αναμένεται να υποβάλη νέας ιδέας διά την λύσιν του κυπριακού προβλήματος. Εις τας συνομιλίας μετέχουν οι αντιπρόσωποι των ενδιαφερομένων κυβερνήσεων.

Η κυπριακή αντιπροσωπεία εις τα Ηνωμένα Έθνη διεκήρυξεν ότι η Κύπρος έχει το δικαίωμα να εξοπλίζεται διά να αντιμετωπίση τας απειλάς της Τουρκίας. Η κυβέρνησις της Λευκωσίας απέρριψε τας διαμαρτυρίας της Άγκύρας διά τας προμηθείας πολεμικού υλικού. Ο μεσολαβητής αναμένεται να υποβάλη νέας ιδέας διά την λύσιν του κυπριακού προβλήματος. Εις τας συνομιλίας μετέχουν οι αντιπρόσωποι των ενδιαφερομένων κυβερνήσεων.

ΔΙΑΨΕΥΣΙΣ ΤΟΥ ΙΝΟΝΟΥ

Η κυπριακή αντιπροσωπεία εις τα Ηνωμένα Έθνη διεκήρυξεν ότι η Κύπρος έχει το δικαίωμα να εξοπλίζεται διά να αντιμετωπίση τας απειλάς της Τουρκίας. Η κυβέρνησις της Λευκωσίας απέρριψε τας διαμαρτυρίας της Άγκύρας διά τας προμηθείας πολεμικού υλικού. Ο μεσολαβητής αναμένεται να υποβάλη νέας ιδέας διά την λύσιν του κυπριακού προβλήματος. Εις τας συνομιλίας μετέχουν οι αντιπρόσωποι των ενδιαφερομένων κυβερνήσεων.

Η κυπριακή αντιπροσωπεία εις τα Ηνωμένα Έθνη διεκήρυξεν ότι η Κύπρος έχει το δικαίωμα να εξοπλίζεται διά να αντιμετωπίση τας απειλάς της Τουρκίας. Η κυβέρνησις της Λευκωσίας απέρριψε τας διαμαρτυρίας της Άγκύρας διά τας προμηθείας πολεμικού υλικού. Ο μεσολαβητής αναμένεται να υποβάλη νέας ιδέας διά την λύσιν του κυπριακού προβλήματος. Εις τας συνομιλίας μετέχουν οι αντιπρόσωποι των ενδιαφερομένων κυβερνήσεων.

ΣΥΝΘΗΚΟΛΟΓΗΣΙΣ ΕΥΡΙΠΙΔΗ

Η κυπριακή αντιπροσωπεία εις τα Ηνωμένα Έθνη διεκήρυξεν ότι η Κύπρος έχει το δικαίωμα να εξοπλίζεται διά να αντιμετωπίση τας απειλάς της Τουρκίας. Η κυβέρνησις της Λευκωσίας απέρριψε τας διαμαρτυρίας της Άγκύρας διά τας προμηθείας πολεμικού υλικού. Ο μεσολαβητής αναμένεται να υποβάλη νέας ιδέας διά την λύσιν του κυπριακού προβλήματος. Εις τας συνομιλίας μετέχουν οι αντιπρόσωποι των ενδιαφερομένων κυβερνήσεων.

Η κυπριακή αντιπροσωπεία εις τα Ηνωμένα Έθνη διεκήρυξεν ότι η Κύπρος έχει το δικαίωμα να εξοπλίζεται διά να αντιμετωπίση τας απειλάς της Τουρκίας. Η κυβέρνησις της Λευκωσίας απέρριψε τας διαμαρτυρίας της Άγκύρας διά τας προμηθείας πολεμικού υλικού. Ο μεσολαβητής αναμένεται να υποβάλη νέας ιδέας διά την λύσιν του κυπριακού προβλήματος. Εις τας συνομιλίας μετέχουν οι αντιπρόσωποι των ενδιαφερομένων κυβερνήσεων.

ΕΠΙΣΚΕΨΙΣ ΧΑΡΑΚΤΟΣ

Η κυπριακή αντιπροσωπεία εις τα Ηνωμένα Έθνη διεκήρυξεν ότι η Κύπρος έχει το δικαίωμα να εξοπλίζεται διά να αντιμετωπίση τας απειλάς της Τουρκίας. Η κυβέρνησις της Λευκωσίας απέρριψε τας διαμαρτυρίας της Άγκύρας διά τας προμηθείας πολεμικού υλικού. Ο μεσολαβητής αναμένεται να υποβάλη νέας ιδέας διά την λύσιν του κυπριακού προβλήματος. Εις τας συνομιλίας μετέχουν οι αντιπρόσωποι των ενδιαφερομένων κυβερνήσεων.

ΟΙ ΑΜΕΡΙΚΑΝΟΙ ΕΠΑΝΕΛΑΒΟΝ
ΤΑΣ ΑΕΡΟΠΟΡΙΚΑΣ ΕΠΙΘΕΣΕΙΣ
κατά στόχων είς τό Βόρ. Βιετνάμ
ΕΠΛΗΓΗΣΑΝ ΕΚ ΝΕΟΥ ΒΑΣΕΙΣ
ΑΝΕΦΟΔΙΑΣΜΟΥ ΤΩΝ ΑΝΤΑΡΤΩΝ
ΗΡΠΑΣΕ ΤΟ ΠΑΙΔΙ ΤΟΥ ΚΑΙ ΕΞΗΦΑΝΙΣΘΗ ΜΕ ΤΗΝ ΦΙΛΗΝ ΤΟΥ
ΗΠΕΙΛΗΣΕ ΜΕ ΜΑΧΑΙΡΑΝ ΤΗΝ ΣΥΖΥΓΟΝ ΤΟΥ

Η κυπριακή αντιπροσωπεία εις τα Ηνωμένα Έθνη διεκήρυξεν ότι η Κύπρος έχει το δικαίωμα να εξοπλίζεται διά να αντιμετωπίση τας απειλάς της Τουρκίας. Η κυβέρνησις της Λευκωσίας απέρριψε τας διαμαρτυρίας της Άγκύρας διά τας προμηθείας πολεμικού υλικού. Ο μεσολαβητής αναμένεται να υποβάλη νέας ιδέας διά την λύσιν του κυπριακού προβλήματος. Εις τας συνομιλίας μετέχουν οι αντιπρόσωποι των ενδιαφερομένων κυβερνήσεων.

ΑΝΑΚΡΙΣΙΣ ΚΑΤΑ ΤΟΥ ΔΗΜΑΡΧΟΥ ΤΗΣ ΡΟΔΟΥ

Η κυπριακή αντιπροσωπεία εις τα Ηνωμένα Έθνη διεκήρυξεν ότι η Κύπρος έχει το δικαίωμα να εξοπλίζεται διά να αντιμετωπίση τας απειλάς της Τουρκίας. Η κυβέρνησις της Λευκωσίας απέρριψε τας διαμαρτυρίας της Άγκύρας διά τας προμηθείας πολεμικού υλικού. Ο μεσολαβητής αναμένεται να υποβάλη νέας ιδέας διά την λύσιν του κυπριακού προβλήματος. Εις τας συνομιλίας μετέχουν οι αντιπρόσωποι των ενδιαφερομένων κυβερνήσεων.

1.000.000 ΔΙ' ΕΡΓΑ ΔΙΕΥΘΕΤΗΣΕΩΣ ΧΕΙΜΑΡΡΩΝ ΕΙΣ ΤΗΝ ΕΛΑΣΣΩΝΑ

Η κυπριακή αντιπροσωπεία εις τα Ηνωμένα Έθνη διεκήρυξεν ότι η Κύπρος έχει το δικαίωμα να εξοπλίζεται διά να αντιμετωπίση τας απειλάς της Τουρκίας. Η κυβέρνησις της Λευκωσίας απέρριψε τας διαμαρτυρίας της Άγκύρας διά τας προμηθείας πολεμικού υλικού. Ο μεσολαβητής αναμένεται να υποβάλη νέας ιδέας διά την λύσιν του κυπριακού προβλήματος. Εις τας συνομιλίας μετέχουν οι αντιπρόσωποι των ενδιαφερομένων κυβερνήσεων.

ΠΡΟΦΥΛΑΚΙΣΘΗ Ο ΔΙΑΠΡΑΞΑΣ ΤΑΣ 70 ΚΛΟΠΑΣ

Η κυπριακή αντιπροσωπεία εις τα Ηνωμένα Έθνη διεκήρυξεν ότι η Κύπρος έχει το δικαίωμα να εξοπλίζεται διά να αντιμετωπίση τας απειλάς της Τουρκίας. Η κυβέρνησις της Λευκωσίας απέρριψε τας διαμαρτυρίας της Άγκύρας διά τας προμηθείας πολεμικού υλικού. Ο μεσολαβητής αναμένεται να υποβάλη νέας ιδέας διά την λύσιν του κυπριακού προβλήματος. Εις τας συνομιλίας μετέχουν οι αντιπρόσωποι των ενδιαφερομένων κυβερνήσεων.

ΟΙ ΒΑΣΙΛΕΙΣ ΕΙΣ ΓΕΥΜΑ ΤΟΥ ΑΓΓΛΟΥ ΠΡΕΣΒΕΥΤΟΥ

Η κυπριακή αντιπροσωπεία εις τα Ηνωμένα Έθνη διεκήρυξεν ότι η Κύπρος έχει το δικαίωμα να εξοπλίζεται διά να αντιμετωπίση τας απειλάς της Τουρκίας. Η κυβέρνησις της Λευκωσίας απέρριψε τας διαμαρτυρίας της Άγκύρας διά τας προμηθείας πολεμικού υλικού. Ο μεσολαβητής αναμένεται να υποβάλη νέας ιδέας διά την λύσιν του κυπριακού προβλήματος. Εις τας συνομιλίας μετέχουν οι αντιπρόσωποι των ενδιαφερομένων κυβερνήσεων.

ΠΡΟΣΩΡΙΝΩΣ ΕΛΕΥΘΕΡΟΣ Ο ΚΑΤΟΧΟΣ ΟΠΛΩΝ

Η κυπριακή αντιπροσωπεία εις τα Ηνωμένα Έθνη διεκήρυξεν ότι η Κύπρος έχει το δικαίωμα να εξοπλίζεται διά να αντιμετωπίση τας απειλάς της Τουρκίας. Η κυβέρνησις της Λευκωσίας απέρριψε τας διαμαρτυρίας της Άγκύρας διά τας προμηθείας πολεμικού υλικού. Ο μεσολαβητής αναμένεται να υποβάλη νέας ιδέας διά την λύσιν του κυπριακού προβλήματος. Εις τας συνομιλίας μετέχουν οι αντιπρόσωποι των ενδιαφερομένων κυβερνήσεων.

ΕΚΟΨΕΝ ΕΝ ΜΕΣΗ ΟΔΩ ΤΑΣ ΦΛΕΒΑΣ ΔΙΑ ΛΕΠΙΔΟΣ

Η κυπριακή αντιπροσωπεία εις τα Ηνωμένα Έθνη διεκήρυξεν ότι η Κύπρος έχει το δικαίωμα να εξοπλίζεται διά να αντιμετωπίση τας απειλάς της Τουρκίας. Η κυβέρνησις της Λευκωσίας απέρριψε τας διαμαρτυρίας της Άγκύρας διά τας προμηθείας πολεμικού υλικού. Ο μεσολαβητής αναμένεται να υποβάλη νέας ιδέας διά την λύσιν του κυπριακού προβλήματος. Εις τας συνομιλίας μετέχουν οι αντιπρόσωποι των ενδιαφερομένων κυβερνήσεων.

Η ΘΥΓΑΤΗΡ ΤΟΥ κ. ΤΖΟΝΣΟΝ ΕΙΣ ΣΧΟΛΗΝ ΝΟΣΟΚΟΜΩΝ

Η κυπριακή αντιπροσωπεία εις τα Ηνωμένα Έθνη διεκήρυξεν ότι η Κύπρος έχει το δικαίωμα να εξοπλίζεται διά να αντιμετωπίση τας απειλάς της Τουρκίας. Η κυβέρνησις της Λευκωσίας απέρριψε τας διαμαρτυρίας της Άγκύρας διά τας προμηθείας πολεμικού υλικού. Ο μεσολαβητής αναμένεται να υποβάλη νέας ιδέας διά την λύσιν του κυπριακού προβλήματος. Εις τας συνομιλίας μετέχουν οι αντιπρόσωποι των ενδιαφερομένων κυβερνήσεων.

Η κυπριακή αντιπροσωπεία εις τα Ηνωμένα Έθνη διεκήρυξεν ότι η Κύπρος έχει το δικαίωμα να εξοπλίζεται διά να αντιμετωπίση τας απειλάς της Τουρκίας. Η κυβέρνησις της Λευκωσίας απέρριψε τας διαμαρτυρίας της Άγκύρας διά τας προμηθείας πολεμικού υλικού. Ο μεσολαβητής αναμένεται να υποβάλη νέας ιδέας διά την λύσιν του κυπριακού προβλήματος. Εις τας συνομιλίας μετέχουν οι αντιπρόσωποι των ενδιαφερομένων κυβερνήσεων.

Η κυπριακή αντιπροσωπεία εις τα Ηνωμένα Έθνη διεκήρυξεν ότι η Κύπρος έχει το δικαίωμα να εξοπλίζεται διά να αντιμετωπίση τας απειλάς της Τουρκίας. Η κυβέρνησις της Λευκωσίας απέρριψε τας διαμαρτυρίας της Άγκύρας διά τας προμηθείας πολεμικού υλικού. Ο μεσολαβητής αναμένεται να υποβάλη νέας ιδέας διά την λύσιν του κυπριακού προβλήματος. Εις τας συνομιλίας μετέχουν οι αντιπρόσωποι των ενδιαφερομένων κυβερνήσεων.

ΑΝΑΚΟΙΝΩΣΙΣ ΤΗΣ ΜΟΣΧΑΣ

Η κυπριακή αντιπροσωπεία εις τα Ηνωμένα Έθνη διεκήρυξεν ότι η Κύπρος έχει το δικαίωμα να εξοπλίζεται διά να αντιμετωπίση τας απειλάς της Τουρκίας. Η κυβέρνησις της Λευκωσίας απέρριψε τας διαμαρτυρίας της Άγκύρας διά τας προμηθείας πολεμικού υλικού. Ο μεσολαβητής αναμένεται να υποβάλη νέας ιδέας διά την λύσιν του κυπριακού προβλήματος. Εις τας συνομιλίας μετέχουν οι αντιπρόσωποι των ενδιαφερομένων κυβερνήσεων.

Η κυπριακή αντιπροσωπεία εις τα Ηνωμένα Έθνη διεκήρυξεν ότι η Κύπρος έχει το δικαίωμα να εξοπλίζεται διά να αντιμετωπίση τας απειλάς της Τουρκίας. Η κυβέρνησις της Λευκωσίας απέρριψε τας διαμαρτυρίας της Άγκύρας διά τας προμηθείας πολεμικού υλικού. Ο μεσολαβητής αναμένεται να υποβάλη νέας ιδέας διά την λύσιν του κυπριακού προβλήματος. Εις τας συνομιλίας μετέχουν οι αντιπρόσωποι των ενδιαφερομένων κυβερνήσεων.

ΟΙ ΣΤΟΧΟΙ

Η κυπριακή αντιπροσωπεία εις τα Ηνωμένα Έθνη διεκήρυξεν ότι η Κύπρος έχει το δικαίωμα να εξοπλίζεται διά να αντιμετωπίση τας απειλάς της Τουρκίας. Η κυβέρνησις της Λευκωσίας απέρριψε τας διαμαρτυρίας της Άγκύρας διά τας προμηθείας πολεμικού υλικού. Ο μεσολαβητής αναμένεται να υποβάλη νέας ιδέας διά την λύσιν του κυπριακού προβλήματος. Εις τας συνομιλίας μετέχουν οι αντιπρόσωποι των ενδιαφερομένων κυβερνήσεων.

Η κυπριακή αντιπροσωπεία εις τα Ηνωμένα Έθνη διεκήρυξεν ότι η Κύπρος έχει το δικαίωμα να εξοπλίζεται διά να αντιμετωπίση τας απειλάς της Τουρκίας. Η κυβέρνησις της Λευκωσίας απέρριψε τας διαμαρτυρίας της Άγκύρας διά τας προμηθείας πολεμικού υλικού. Ο μεσολαβητής αναμένεται να υποβάλη νέας ιδέας διά την λύσιν του κυπριακού προβλήματος. Εις τας συνομιλίας μετέχουν οι αντιπρόσωποι των ενδιαφερομένων κυβερνήσεων.

ΠΛΕΟΝ ΤΩΝ 80.000 ΕΓΚΛΗΜΑΤΙΩΝ ΠΟΛΕΜΟΥ ΚΑΤΕΔΙΚΑΣΘΗΣΑΝ ΑΠΟ ΤΟ 1945 ΥΠΟ ΤΩΝ ΔΙΚΑΣΤΗΡΙΩΝ ΔΙΑΦΟΡΩΝ ΧΩΡΩΝ

Η κυπριακή αντιπροσωπεία εις τα Ηνωμένα Έθνη διεκήρυξεν ότι η Κύπρος έχει το δικαίωμα να εξοπλίζεται διά να αντιμετωπίση τας απειλάς της Τουρκίας. Η κυβέρνησις της Λευκωσίας απέρριψε τας διαμαρτυρίας της Άγκύρας διά τας προμηθείας πολεμικού υλικού. Ο μεσολαβητής αναμένεται να υποβάλη νέας ιδέας διά την λύσιν του κυπριακού προβλήματος. Εις τας συνομιλίας μετέχουν οι αντιπρόσωποι των ενδιαφερομένων κυβερνήσεων.

Η κυπριακή αντιπροσωπεία εις τα Ηνωμένα Έθνη διεκήρυξεν ότι η Κύπρος έχει το δικαίωμα να εξοπλίζεται διά να αντιμετωπίση τας απειλάς της Τουρκίας. Η κυβέρνησις της Λευκωσίας απέρριψε τας διαμαρτυρίας της Άγκύρας διά τας προμηθείας πολεμικού υλικού. Ο μεσολαβητής αναμένεται να υποβάλη νέας ιδέας διά την λύσιν του κυπριακού προβλήματος. Εις τας συνομιλίας μετέχουν οι αντιπρόσωποι των ενδιαφερομένων κυβερνήσεων.

ΚΑΤΑΔΙΚΗ ΝΑΖΙ

Η κυπριακή αντιπροσωπεία εις τα Ηνωμένα Έθνη διεκήρυξεν ότι η Κύπρος έχει το δικαίωμα να εξοπλίζεται διά να αντιμετωπίση τας απειλάς της Τουρκίας. Η κυβέρνησις της Λευκωσίας απέρριψε τας διαμαρτυρίας της Άγκύρας διά τας προμηθείας πολεμικού υλικού. Ο μεσολαβητής αναμένεται να υποβάλη νέας ιδέας διά την λύσιν του κυπριακού προβλήματος. Εις τας συνομιλίας μετέχουν οι αντιπρόσωποι των ενδιαφερομένων κυβερνήσεων.
